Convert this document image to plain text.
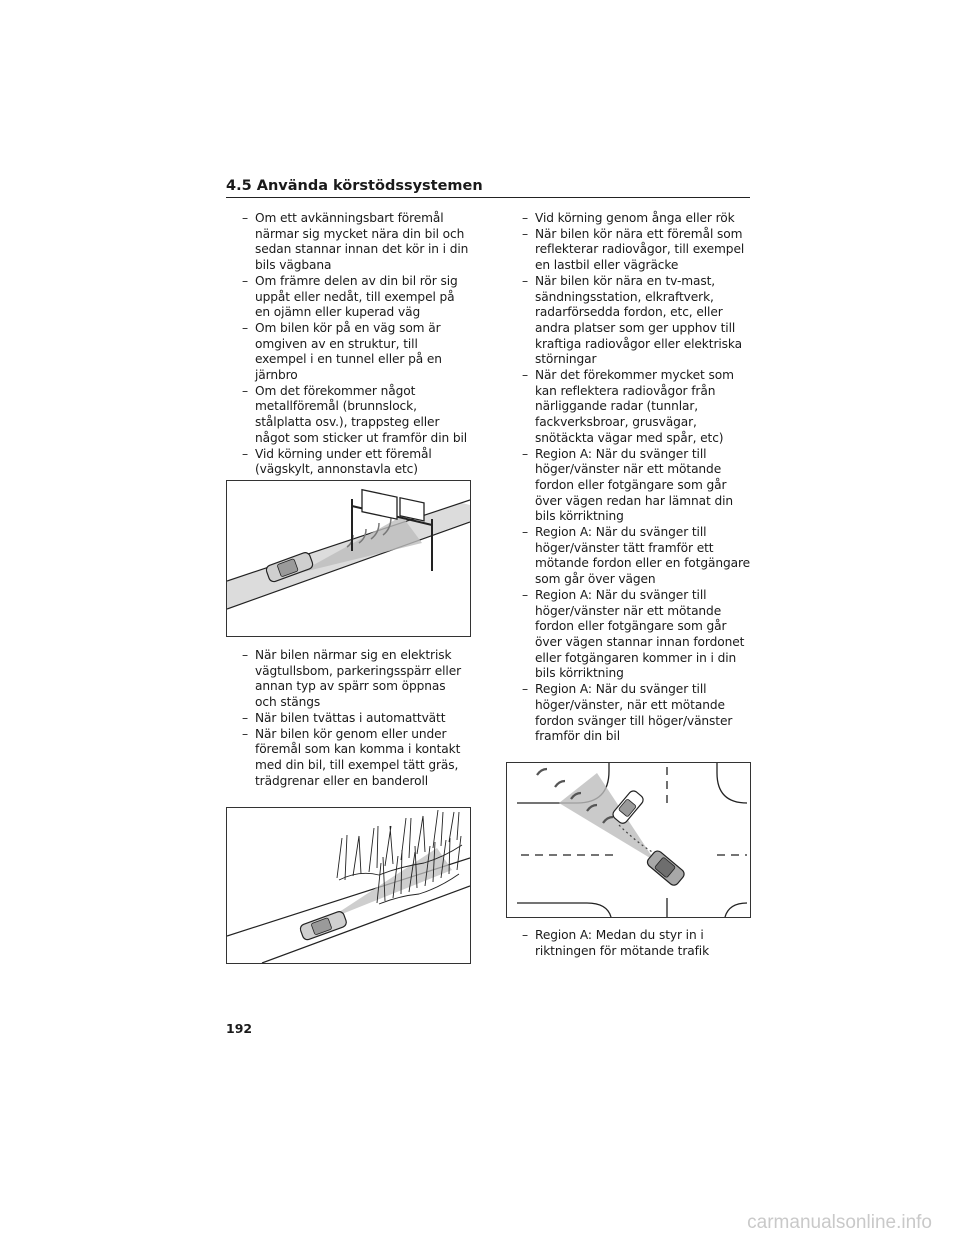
4.5 Använda körstödssystemen
– Om ett avkänningsbart föremål närmar sig mycket nära din bil och sedan stannar innan det kör in i din bils vägbana
– Om främre delen av din bil rör sig uppåt eller nedåt, till exempel på en ojämn eller kuperad väg
– Om bilen kör på en väg som är omgiven av en struktur, till exempel i en tunnel eller på en järnbro
– Om det förekommer något metallföremål (brunnslock, stålplatta osv.), trappsteg eller något som sticker ut framför din bil
– Vid körning under ett föremål (vägskylt, annonstavla etc)
– När bilen närmar sig en elektrisk vägtullsbom, parkeringsspärr eller annan typ av spärr som öppnas och stängs
– När bilen tvättas i automattvätt
– När bilen kör genom eller under föremål som kan komma i kontakt med din bil, till exempel tätt gräs, trädgrenar eller en banderoll
– Vid körning genom ånga eller rök
– När bilen kör nära ett föremål som reflekterar radiovågor, till exempel en lastbil eller vägräcke
– När bilen kör nära en tv-mast, sändningsstation, elkraftverk, radarförsedda fordon, etc, eller andra platser som ger upphov till kraftiga radiovågor eller elektriska störningar
– När det förekommer mycket som kan reflektera radiovågor från närliggande radar (tunnlar, fackverksbroar, grusvägar, snötäckta vägar med spår, etc)
– Region A: När du svänger till höger/vänster när ett mötande fordon eller fotgängare som går över vägen redan har lämnat din bils körriktning
– Region A: När du svänger till höger/vänster tätt framför ett mötande fordon eller en fotgängare som går över vägen
– Region A: När du svänger till höger/vänster när ett mötande fordon eller fotgängare som går över vägen stannar innan fordonet eller fotgängaren kommer in i din bils körriktning
– Region A: När du svänger till höger/vänster, när ett mötande fordon svänger till höger/vänster framför din bil
– Region A: Medan du styr in i riktningen för mötande trafik
192
carmanualsonline.info
